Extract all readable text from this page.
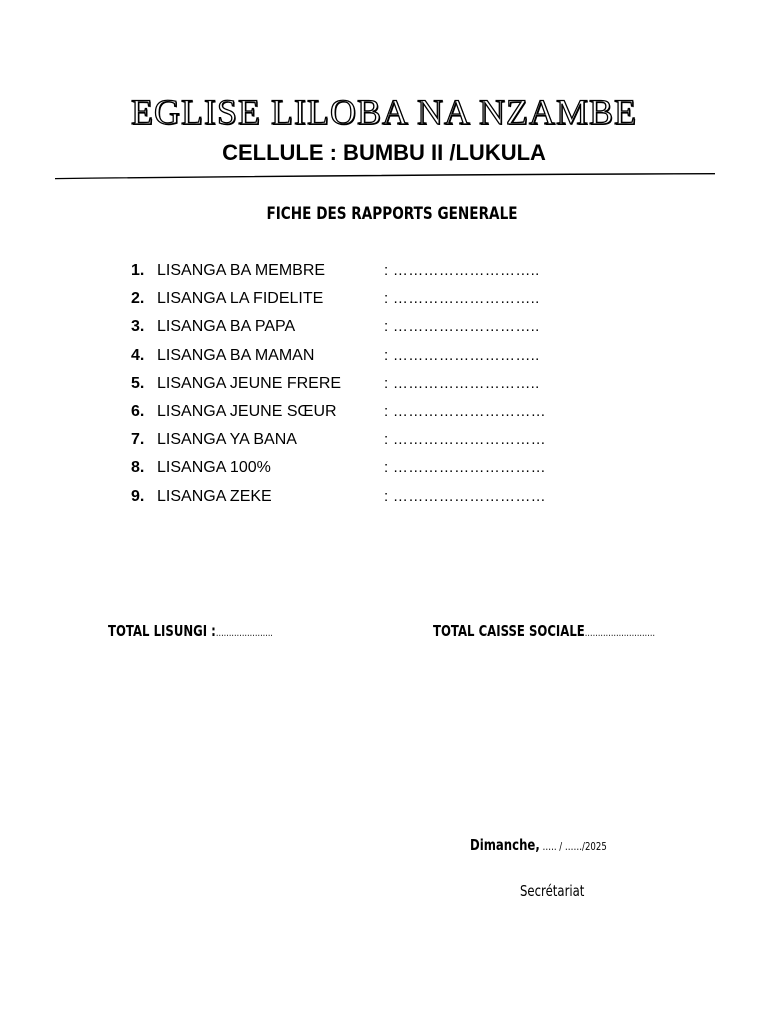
EGLISE LILOBA NA NZAMBE
CELLULE : BUMBU II /LUKULA
FICHE DES RAPPORTS GENERALE
1. LISANGA BA MEMBRE	: ………………………..
2. LISANGA LA FIDELITE	: ………………………..
3. LISANGA BA PAPA	: ………………………..
4. LISANGA BA MAMAN	: ………………………..
5. LISANGA JEUNE FRERE	: ………………………..
6. LISANGA JEUNE SŒUR	: …………………………
7. LISANGA YA BANA	: …………………………
8. LISANGA 100%	: …………………………
9. LISANGA ZEKE	: …………………………
TOTAL LISUNGI :………………….	TOTAL CAISSE SOCIALE………………………
Dimanche, ….. / ……/2025
Secrétariat
